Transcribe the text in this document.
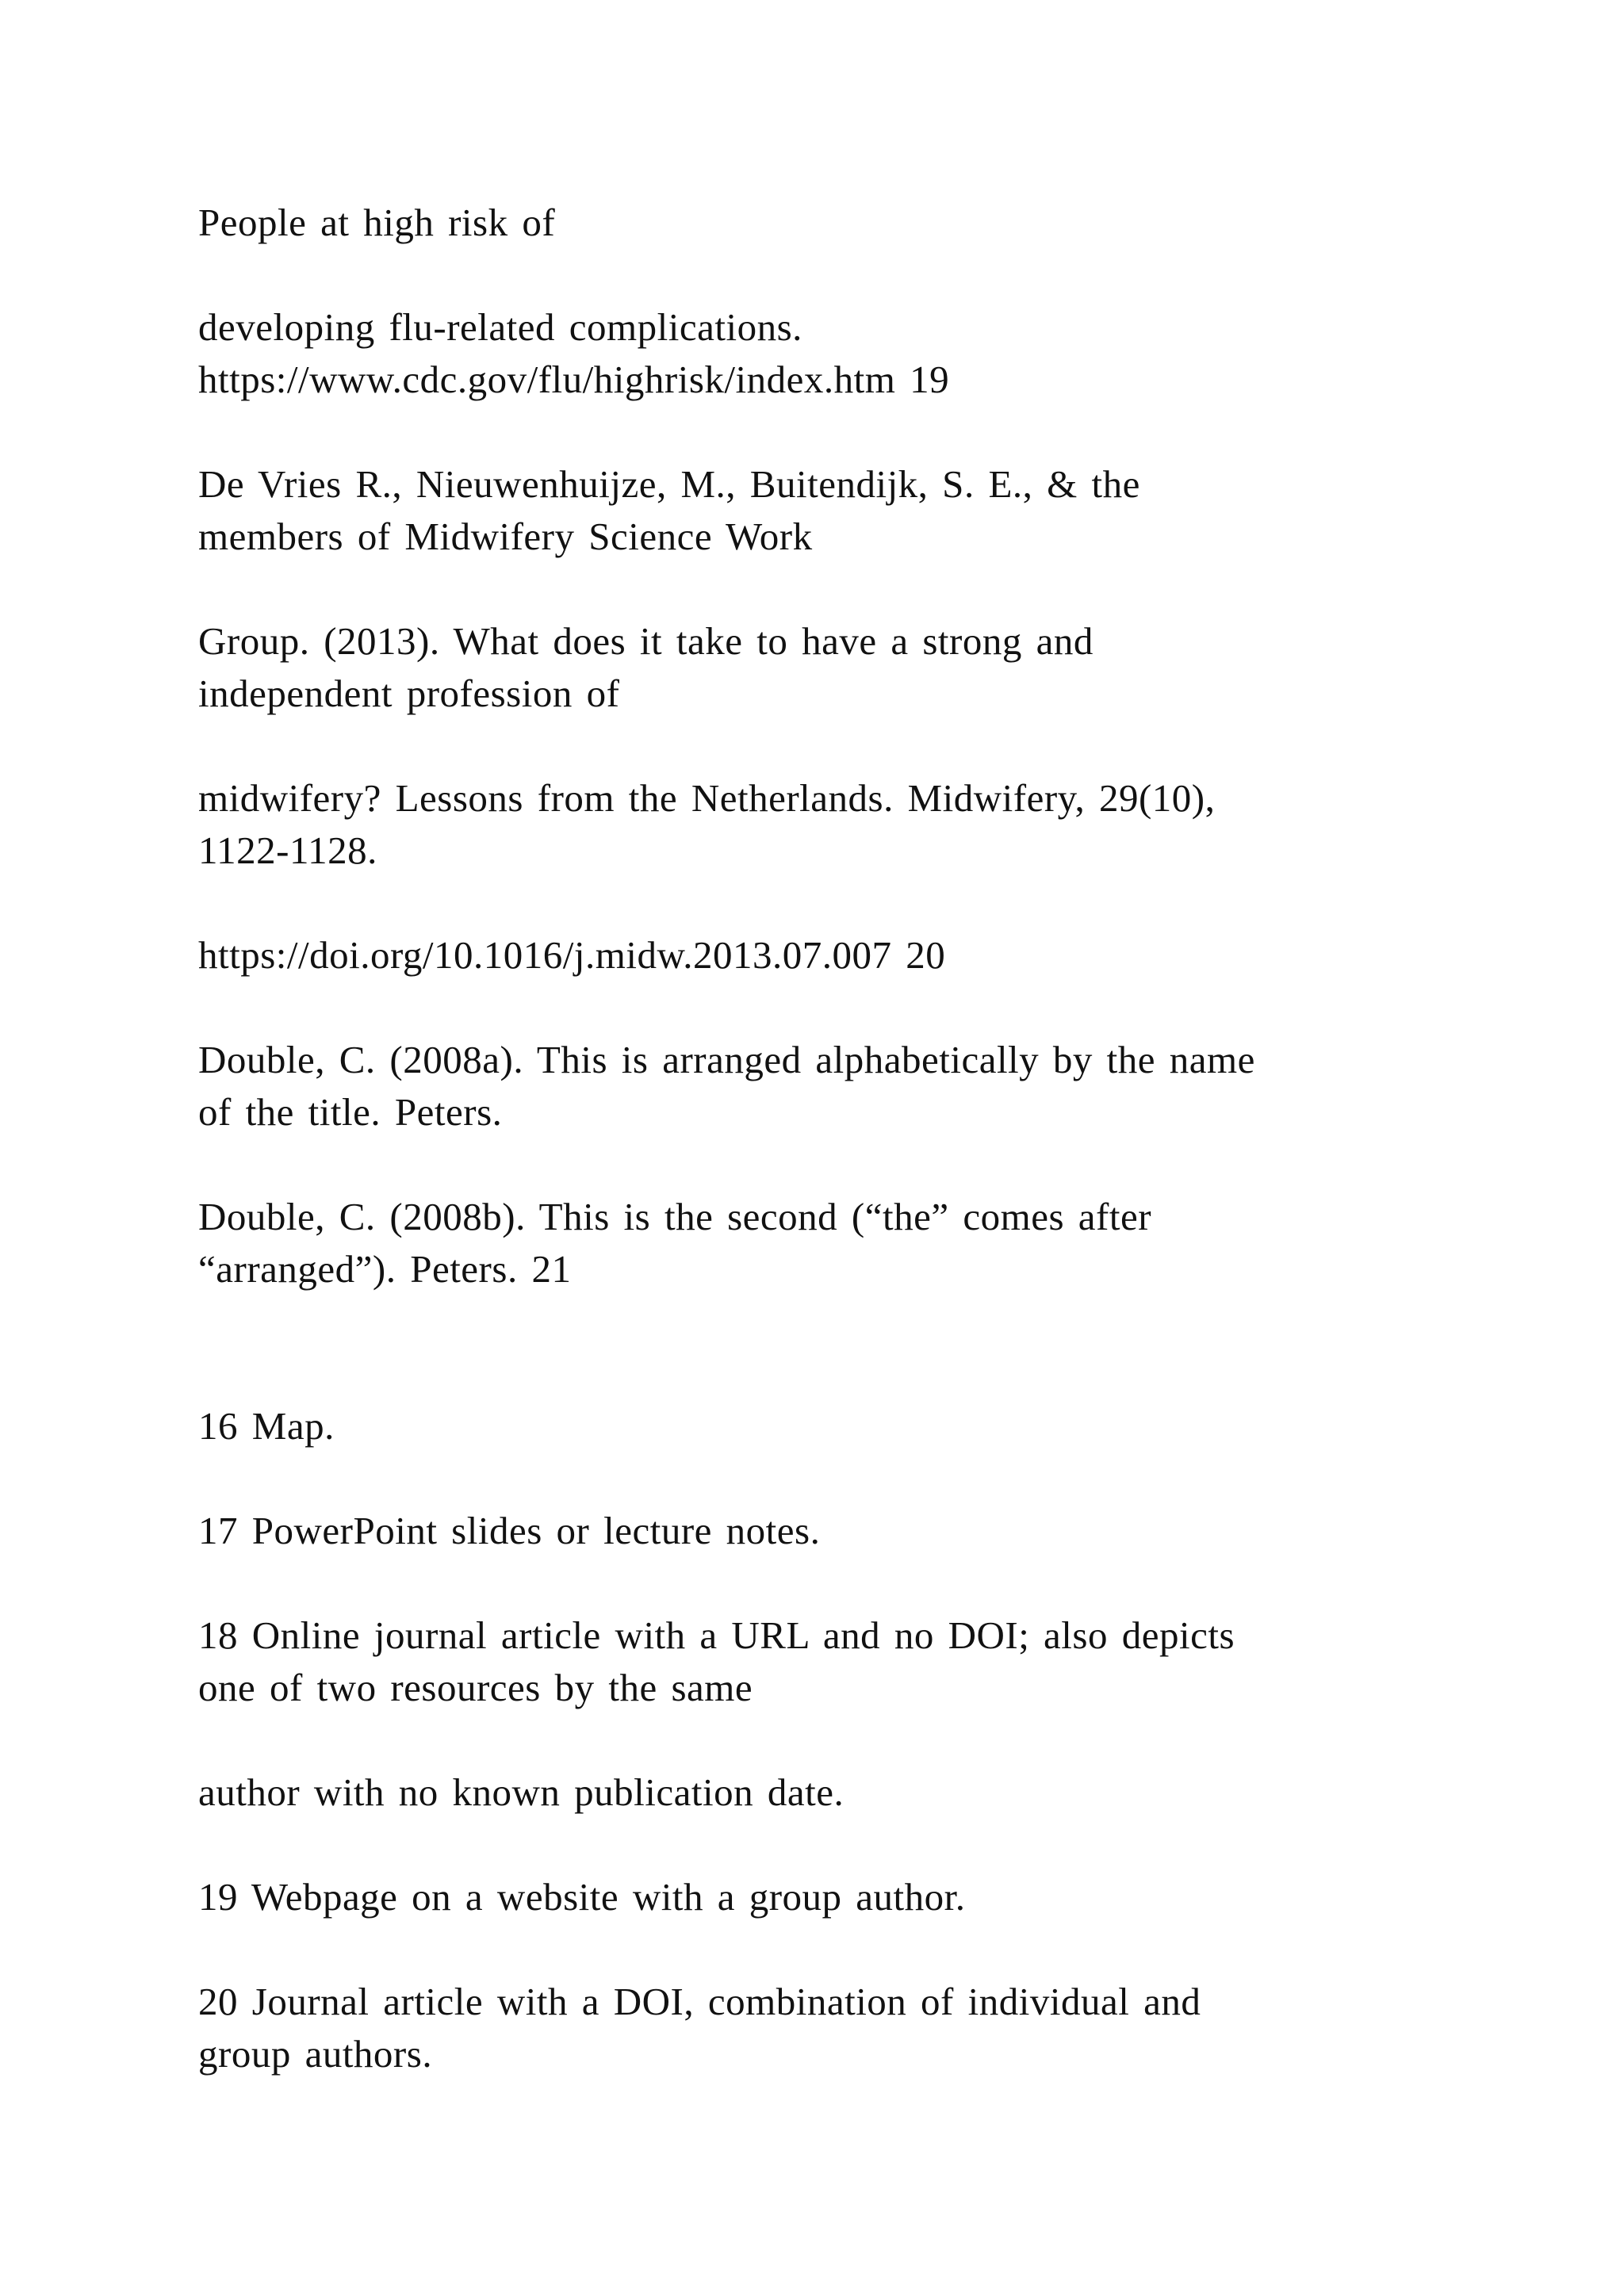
People at high risk of

developing flu-related complications.

https://www.cdc.gov/flu/highrisk/index.htm 19

De Vries R., Nieuwenhuijze, M., Buitendijk, S. E., & the

members of Midwifery Science Work

Group. (2013). What does it take to have a strong and

independent profession of

midwifery? Lessons from the Netherlands. Midwifery, 29(10),

1122-1128.

https://doi.org/10.1016/j.midw.2013.07.007 20

Double, C. (2008a). This is arranged alphabetically by the name

of the title. Peters.

Double, C. (2008b). This is the second (“the” comes after

“arranged”). Peters. 21

16 Map.

17 PowerPoint slides or lecture notes.

18 Online journal article with a URL and no DOI; also depicts

one of two resources by the same

author with no known publication date.

19 Webpage on a website with a group author.

20 Journal article with a DOI, combination of individual and

group authors.
